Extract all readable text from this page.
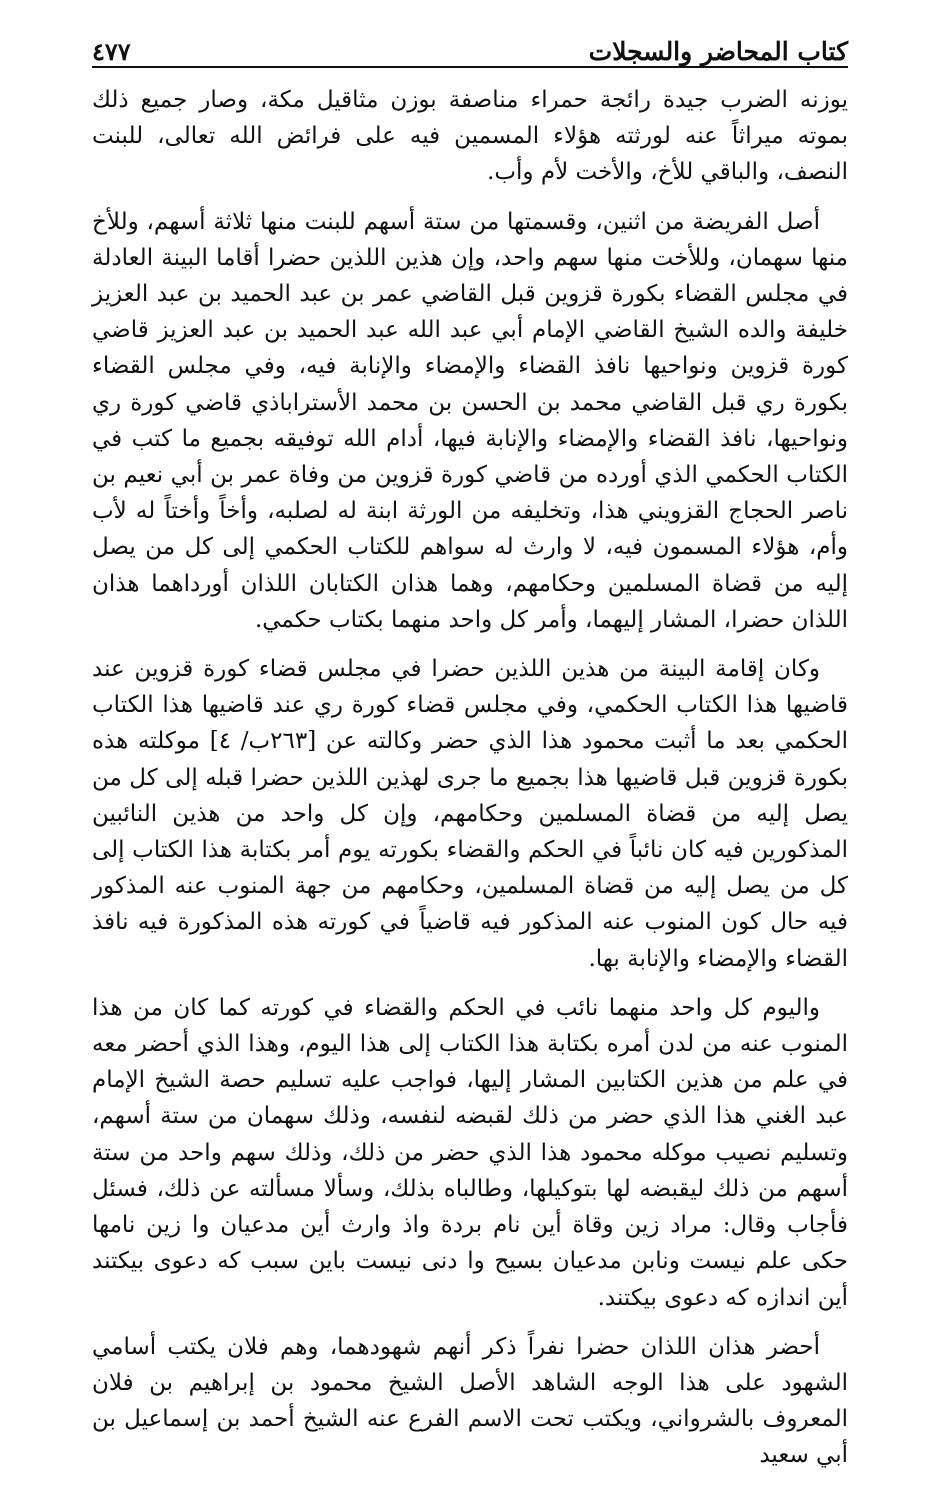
كتاب المحاضر والسجلات
٤٧٧

يوزنه الضرب جيدة رائجة حمراء مناصفة بوزن مثاقيل مكة، وصار جميع ذلك بموته ميراثاً عنه لورثته هؤلاء المسمين فيه على فرائض الله تعالى، للبنت النصف، والباقي للأخ، والأخت لأم وأب.

أصل الفريضة من اثنين، وقسمتها من ستة أسهم للبنت منها ثلاثة أسهم، وللأخ منها سهمان، وللأخت منها سهم واحد، وإن هذين اللذين حضرا أقاما البينة العادلة في مجلس القضاء بكورة قزوين قبل القاضي عمر بن عبد الحميد بن عبد العزيز خليفة والده الشيخ القاضي الإمام أبي عبد الله عبد الحميد بن عبد العزيز قاضي كورة قزوين ونواحيها نافذ القضاء والإمضاء والإنابة فيه، وفي مجلس القضاء بكورة ري قبل القاضي محمد بن الحسن بن محمد الأستراباذي قاضي كورة ري ونواحيها، نافذ القضاء والإمضاء والإنابة فيها، أدام الله توفيقه بجميع ما كتب في الكتاب الحكمي الذي أورده من قاضي كورة قزوين من وفاة عمر بن أبي نعيم بن ناصر الحجاج القزويني هذا، وتخليفه من الورثة ابنة له لصلبه، وأخاً وأختاً له لأب وأم، هؤلاء المسمون فيه، لا وارث له سواهم للكتاب الحكمي إلى كل من يصل إليه من قضاة المسلمين وحكامهم، وهما هذان الكتابان اللذان أورداهما هذان اللذان حضرا، المشار إليهما، وأمر كل واحد منهما بكتاب حكمي.

وكان إقامة البينة من هذين اللذين حضرا في مجلس قضاء كورة قزوين عند قاضيها هذا الكتاب الحكمي، وفي مجلس قضاء كورة ري عند قاضيها هذا الكتاب الحكمي بعد ما أثبت محمود هذا الذي حضر وكالته عن [٢٦٣ب/ ٤] موكلته هذه بكورة قزوين قبل قاضيها هذا بجميع ما جرى لهذين اللذين حضرا قبله إلى كل من يصل إليه من قضاة المسلمين وحكامهم، وإن كل واحد من هذين النائبين المذكورين فيه كان نائباً في الحكم والقضاء بكورته يوم أمر بكتابة هذا الكتاب إلى كل من يصل إليه من قضاة المسلمين، وحكامهم من جهة المنوب عنه المذكور فيه حال كون المنوب عنه المذكور فيه قاضياً في كورته هذه المذكورة فيه نافذ القضاء والإمضاء والإنابة بها.

واليوم كل واحد منهما نائب في الحكم والقضاء في كورته كما كان من هذا المنوب عنه من لدن أمره بكتابة هذا الكتاب إلى هذا اليوم، وهذا الذي أحضر معه في علم من هذين الكتابين المشار إليها، فواجب عليه تسليم حصة الشيخ الإمام عبد الغني هذا الذي حضر من ذلك لقبضه لنفسه، وذلك سهمان من ستة أسهم، وتسليم نصيب موكله محمود هذا الذي حضر من ذلك، وذلك سهم واحد من ستة أسهم من ذلك ليقبضه لها بتوكيلها، وطالباه بذلك، وسألا مسألته عن ذلك، فسئل فأجاب وقال: مراد زين وقاة أين نام بردة واذ وارث أين مدعيان وا زين نامها حكى علم نيست ونابن مدعيان بسيح وا دنى نيست باين سبب كه دعوى بيكتند أين اندازه كه دعوى بيكتند.

أحضر هذان اللذان حضرا نفراً ذكر أنهم شهودهما، وهم فلان يكتب أسامي الشهود على هذا الوجه الشاهد الأصل الشيخ محمود بن إبراهيم بن فلان المعروف بالشرواني، ويكتب تحت الاسم الفرع عنه الشيخ أحمد بن إسماعيل بن أبي سعيد
